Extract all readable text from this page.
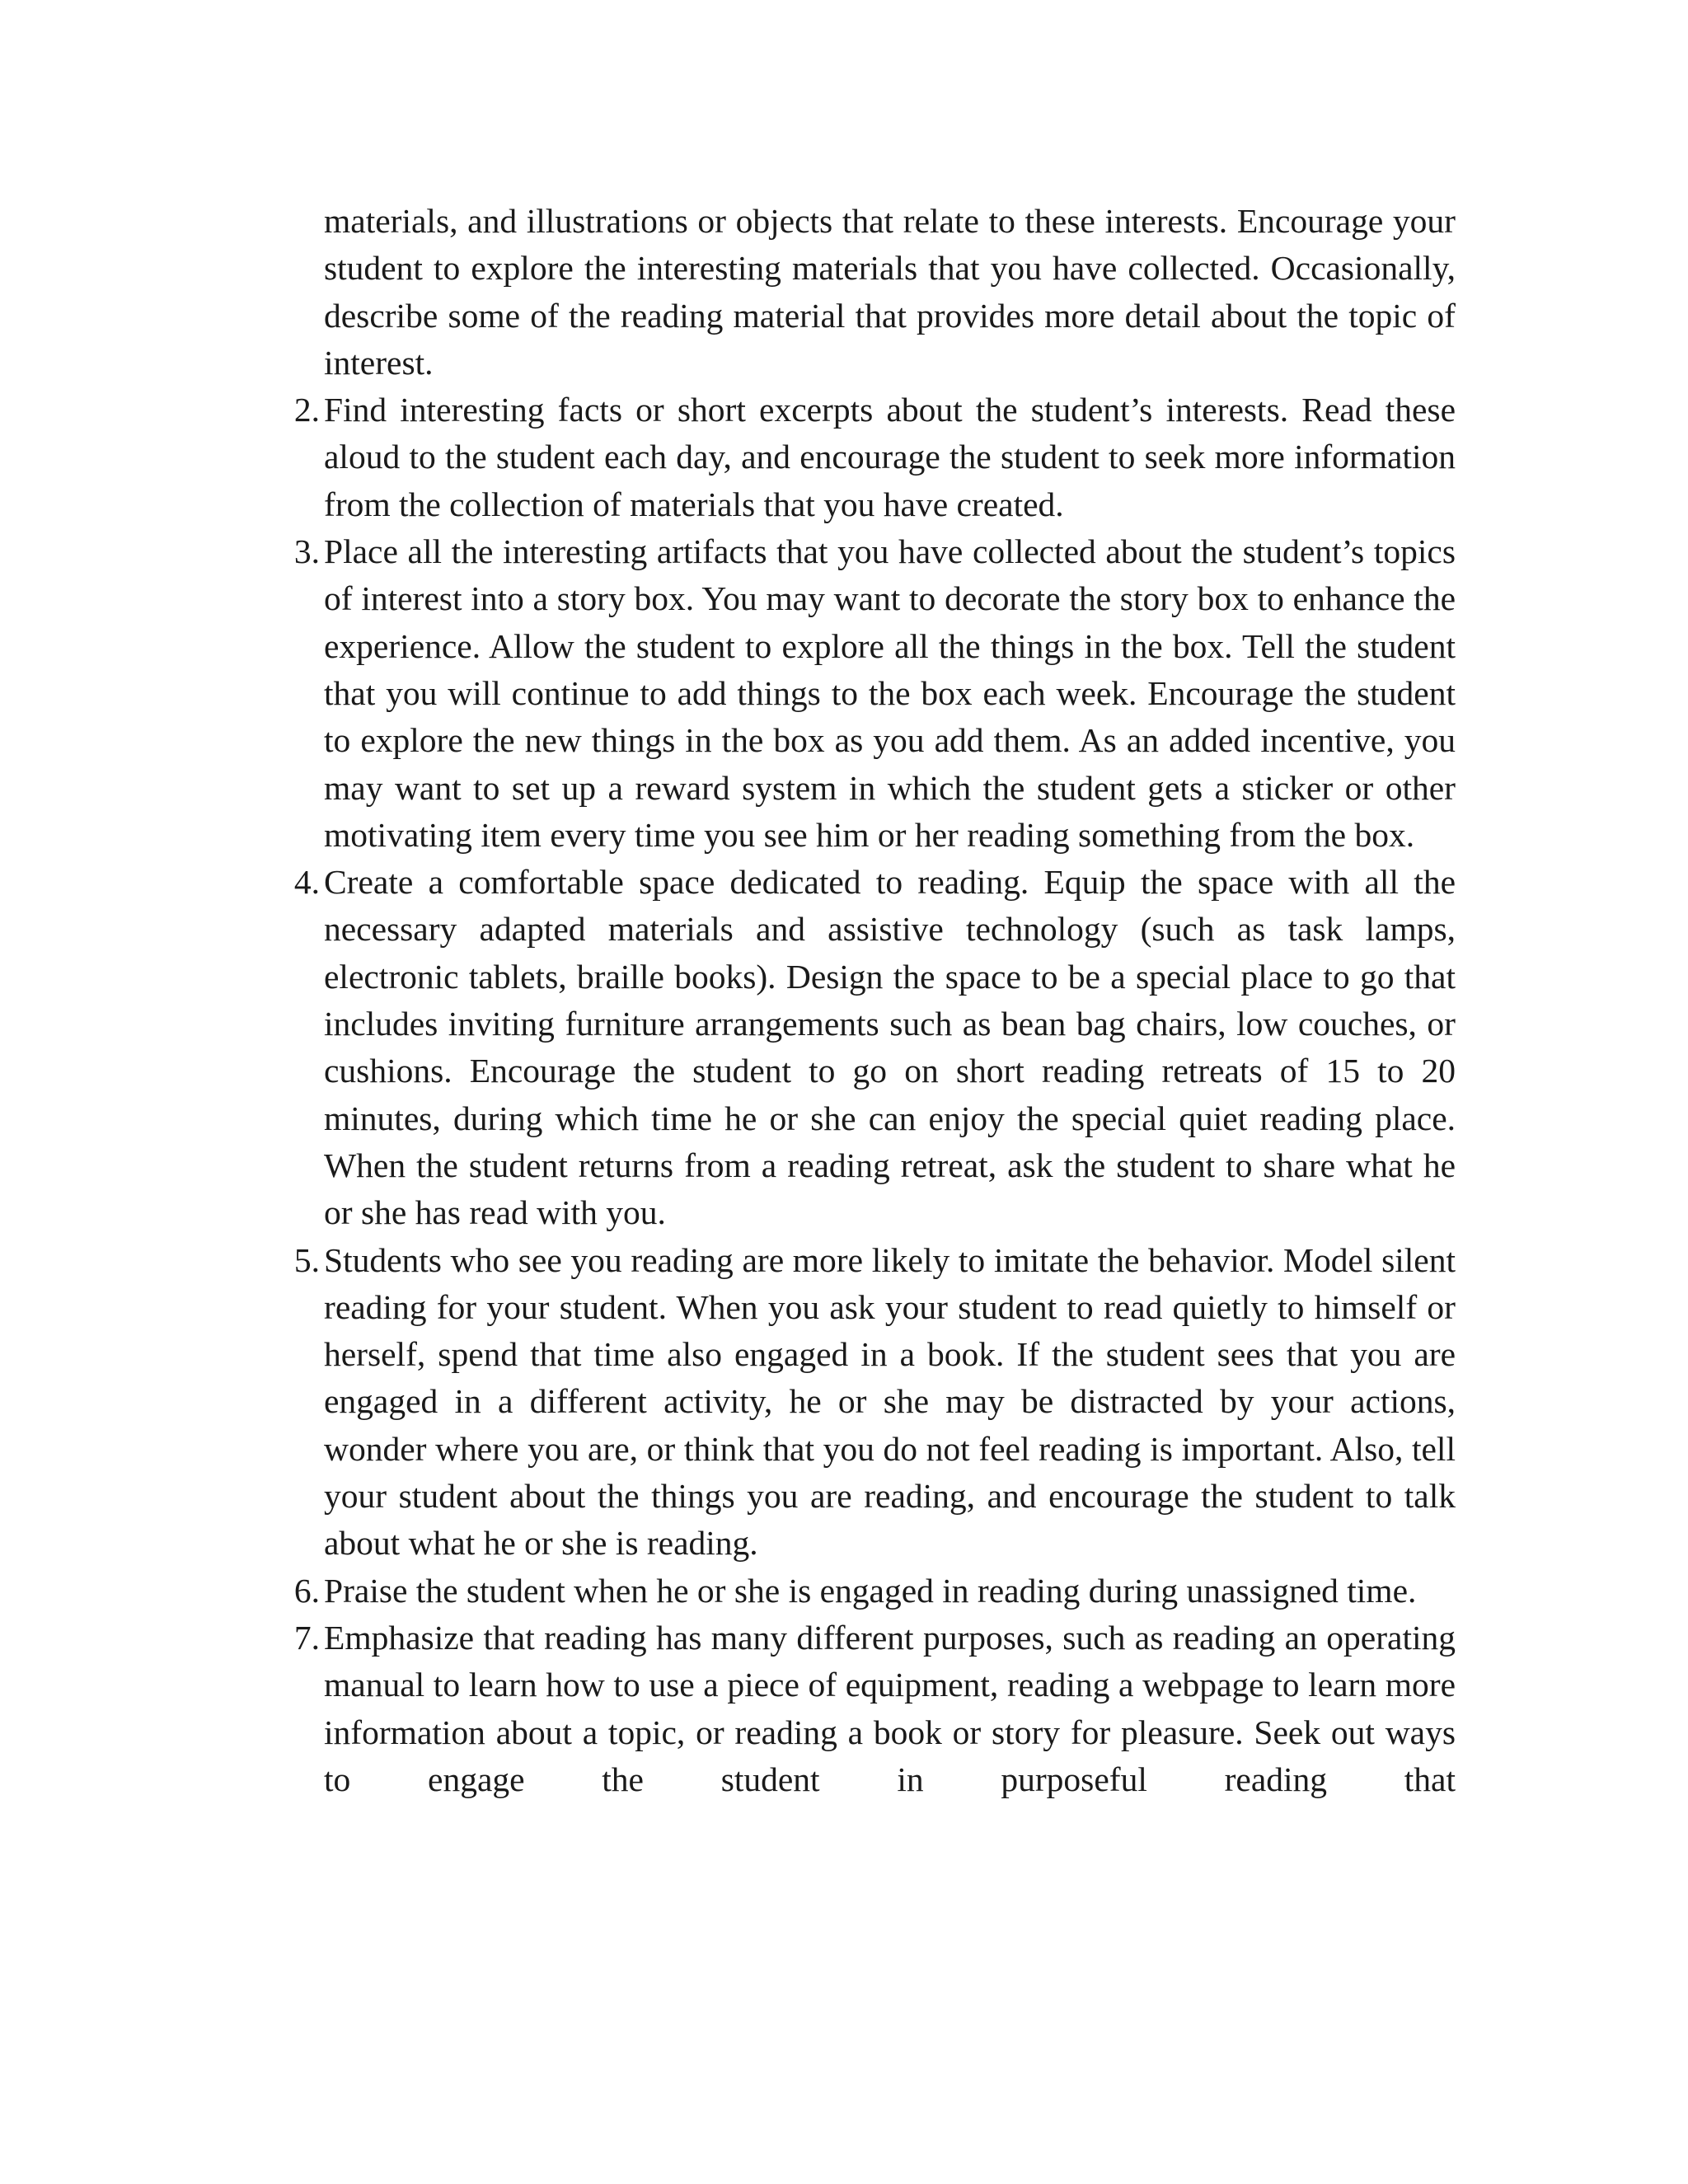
materials, and illustrations or objects that relate to these interests. Encourage your student to explore the interesting materials that you have collected. Occasionally, describe some of the reading material that provides more detail about the topic of interest.

2. Find interesting facts or short excerpts about the student’s interests. Read these aloud to the student each day, and encourage the student to seek more information from the collection of materials that you have created.
3. Place all the interesting artifacts that you have collected about the student’s topics of interest into a story box. You may want to decorate the story box to enhance the experience. Allow the student to explore all the things in the box. Tell the student that you will continue to add things to the box each week. Encourage the student to explore the new things in the box as you add them. As an added incentive, you may want to set up a reward system in which the student gets a sticker or other motivating item every time you see him or her reading something from the box.
4. Create a comfortable space dedicated to reading. Equip the space with all the necessary adapted materials and assistive technology (such as task lamps, electronic tablets, braille books). Design the space to be a special place to go that includes inviting furniture arrangements such as bean bag chairs, low couches, or cushions. Encourage the student to go on short reading retreats of 15 to 20 minutes, during which time he or she can enjoy the special quiet reading place. When the student returns from a reading retreat, ask the student to share what he or she has read with you.
5. Students who see you reading are more likely to imitate the behavior. Model silent reading for your student. When you ask your student to read quietly to himself or herself, spend that time also engaged in a book. If the student sees that you are engaged in a different activity, he or she may be distracted by your actions, wonder where you are, or think that you do not feel reading is important. Also, tell your student about the things you are reading, and encourage the student to talk about what he or she is reading.
6. Praise the student when he or she is engaged in reading during unassigned time.
7. Emphasize that reading has many different purposes, such as reading an operating manual to learn how to use a piece of equipment, reading a webpage to learn more information about a topic, or reading a book or story for pleasure. Seek out ways to engage the student in purposeful reading that
